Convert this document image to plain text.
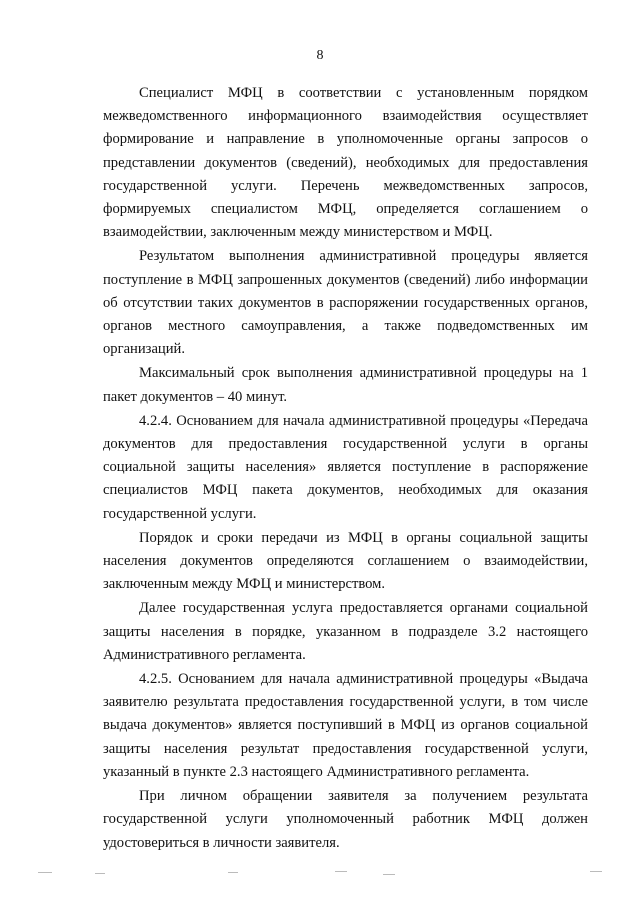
8

Специалист МФЦ в соответствии с установленным порядком межведомственного информационного взаимодействия осуществляет формирование и направление в уполномоченные органы запросов о представлении документов (сведений), необходимых для предоставления государственной услуги. Перечень межведомственных запросов, формируемых специалистом МФЦ, определяется соглашением о взаимодействии, заключенным между министерством и МФЦ.

Результатом выполнения административной процедуры является поступление в МФЦ запрошенных документов (сведений) либо информации об отсутствии таких документов в распоряжении государственных органов, органов местного самоуправления, а также подведомственных им организаций.

Максимальный срок выполнения административной процедуры на 1 пакет документов – 40 минут.

4.2.4. Основанием для начала административной процедуры «Передача документов для предоставления государственной услуги в органы социальной защиты населения» является поступление в распоряжение специалистов МФЦ пакета документов, необходимых для оказания государственной услуги.

Порядок и сроки передачи из МФЦ в органы социальной защиты населения документов определяются соглашением о взаимодействии, заключенным между МФЦ и министерством.

Далее государственная услуга предоставляется органами социальной защиты населения в порядке, указанном в подразделе 3.2 настоящего Административного регламента.

4.2.5. Основанием для начала административной процедуры «Выдача заявителю результата предоставления государственной услуги, в том числе выдача документов» является поступивший в МФЦ из органов социальной защиты населения результат предоставления государственной услуги, указанный в пункте 2.3 настоящего Административного регламента.

При личном обращении заявителя за получением результата государственной услуги уполномоченный работник МФЦ должен удостовериться в личности заявителя.
